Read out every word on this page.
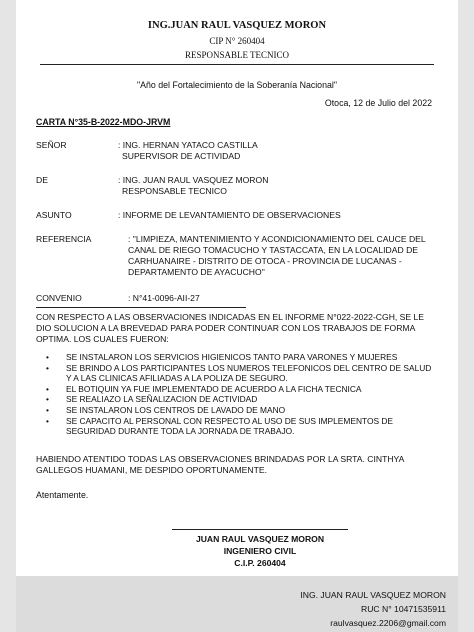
ING.JUAN RAUL VASQUEZ MORON
CIP N° 260404
RESPONSABLE TECNICO
"Año del Fortalecimiento de la Soberanía Nacional"
Otoca, 12 de Julio del 2022
CARTA N°35-B-2022-MDO-JRVM
SEÑOR	: ING. HERNAN YATACO CASTILLA
SUPERVISOR DE ACTIVIDAD
DE	: ING. JUAN RAUL VASQUEZ MORON
RESPONSABLE TECNICO
ASUNTO	: INFORME DE LEVANTAMIENTO DE OBSERVACIONES
REFERENCIA	: "LIMPIEZA, MANTENIMIENTO Y ACONDICIONAMIENTO DEL CAUCE DEL CANAL DE RIEGO TOMACUCHO Y TASTACCATA, EN LA LOCALIDAD DE CARHUANAIRE - DISTRITO DE OTOCA - PROVINCIA DE LUCANAS - DEPARTAMENTO DE AYACUCHO"
CONVENIO	: N°41-0096-AII-27
CON RESPECTO A LAS OBSERVACIONES INDICADAS EN EL INFORME N°022-2022-CGH, SE LE DIO SOLUCION A LA BREVEDAD PARA PODER CONTINUAR CON LOS TRABAJOS DE FORMA OPTIMA. LOS CUALES FUERON:
• SE INSTALARON LOS SERVICIOS HIGIENICOS TANTO PARA VARONES Y MUJERES
• SE BRINDO A LOS PARTICIPANTES LOS NUMEROS TELEFONICOS DEL CENTRO DE SALUD Y A LAS CLINICAS AFILIADAS A LA POLIZA DE SEGURO.
• EL BOTIQUIN YA FUE IMPLEMENTADO DE ACUERDO A LA FICHA TECNICA
• SE REALIAZO LA SEÑALIZACION DE ACTIVIDAD
• SE INSTALARON LOS CENTROS DE LAVADO DE MANO
• SE CAPACITO AL PERSONAL CON RESPECTO AL USO DE SUS IMPLEMENTOS DE SEGURIDAD DURANTE TODA LA JORNADA DE TRABAJO.
HABIENDO ATENTIDO TODAS LAS OBSERVACIONES BRINDADAS POR LA SRTA. CINTHYA GALLEGOS HUAMANI, ME DESPIDO OPORTUNAMENTE.
Atentamente.
JUAN RAUL VASQUEZ MORON
INGENIERO CIVIL
C.I.P. 260404
ING. JUAN RAUL VASQUEZ MORON
RUC N° 10471535911
raulvasquez.2206@gmail.com
